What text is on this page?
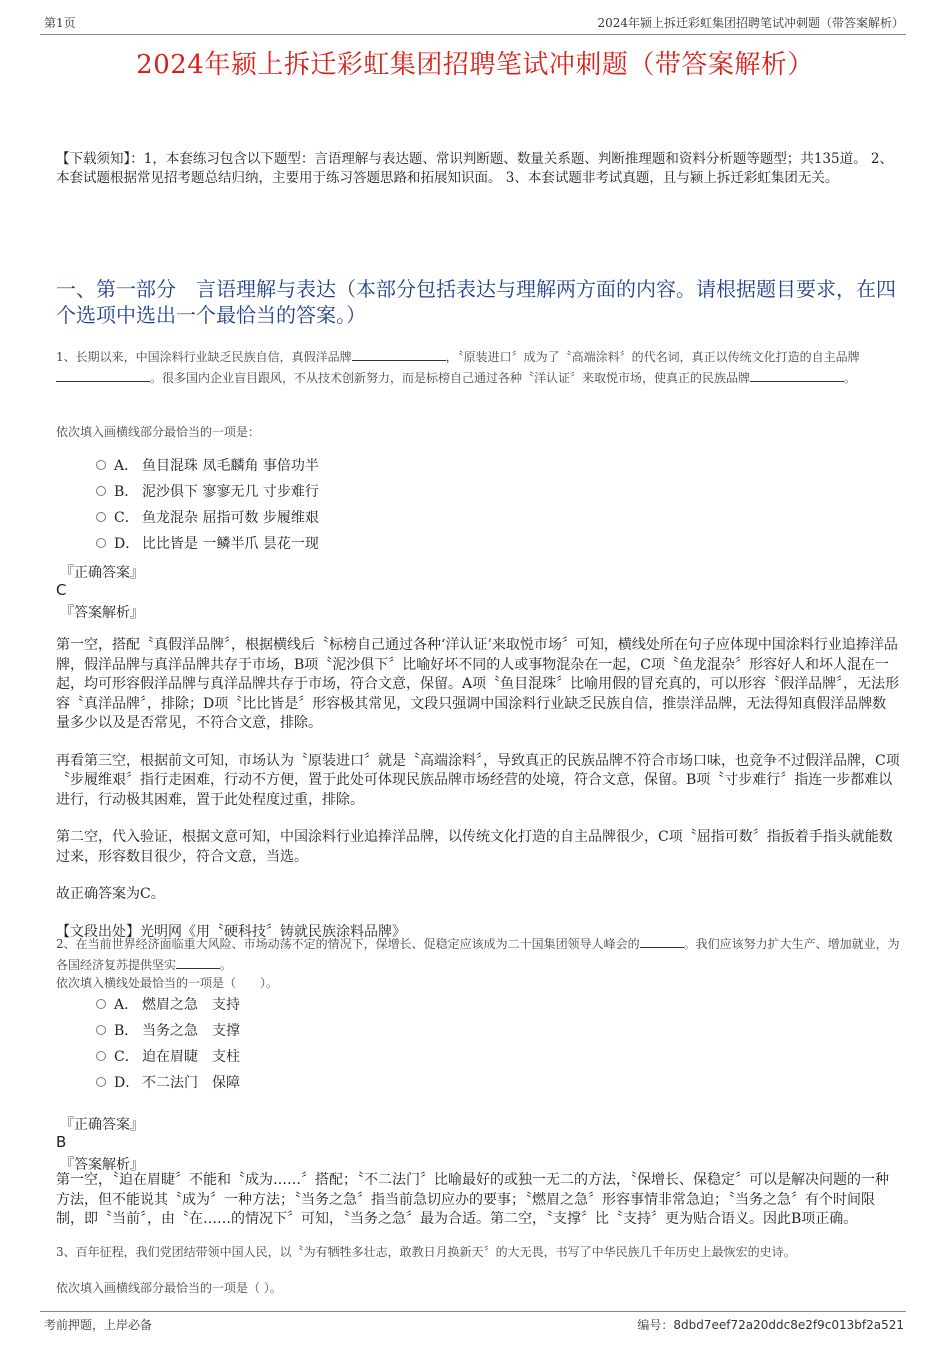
第1页	2024年颍上拆迁彩虹集团招聘笔试冲刺题（带答案解析）
2024年颍上拆迁彩虹集团招聘笔试冲刺题（带答案解析）
【下载须知】：1，本套练习包含以下题型：言语理解与表达题、常识判断题、数量关系题、判断推理题和资料分析题等题型；共135道。 2、本套试题根据常见招考题总结归纳，主要用于练习答题思路和拓展知识面。 3、本套试题非考试真题，且与颍上拆迁彩虹集团无关。
一、第一部分　言语理解与表达（本部分包括表达与理解两方面的内容。请根据题目要求，在四个选项中选出一个最恰当的答案。）
1、长期以来，中国涂料行业缺乏民族自信，真假洋品牌	，〝原装进口〞成为了〝高端涂料〞的代名词，真正以传统文化打造的自主品牌。很多国内企业盲目跟风，不从技术创新努力，而是标榜自己通过各种〝洋认证〞来取悦市场，使真正的民族品牌	。
依次填入画横线部分最恰当的一项是：
A． 鱼目混珠 凤毛麟角 事倍功半
B． 泥沙俱下 寥寥无几 寸步难行
C． 鱼龙混杂 屈指可数 步履维艰
D． 比比皆是 一鳞半爪 昙花一现
『正确答案』
C
『答案解析』

第一空，搭配〝真假洋品牌〞，根据横线后〝标榜自己通过各种‘洋认证’来取悦市场〞可知，横线处所在句子应体现中国涂料行业追捧洋品牌，假洋品牌与真洋品牌共存于市场，B项〝泥沙俱下〞比喻好坏不同的人或事物混杂在一起，C项〝鱼龙混杂〞形容好人和坏人混在一起，均可形容假洋品牌与真洋品牌共存于市场，符合文意，保留。A项〝鱼目混珠〞比喻用假的冒充真的，可以形容〝假洋品牌〞，无法形容〝真洋品牌〞，排除；D项〝比比皆是〞形容极其常见，文段只强调中国涂料行业缺乏民族自信，推崇洋品牌，无法得知真假洋品牌数量多少以及是否常见，不符合文意，排除。

再看第三空，根据前文可知，市场认为〝原装进口〞就是〝高端涂料〞，导致真正的民族品牌不符合市场口味，也竞争不过假洋品牌，C项〝步履维艰〞指行走困难，行动不方便，置于此处可体现民族品牌市场经营的处境，符合文意，保留。B项〝寸步难行〞指连一步都难以进行，行动极其困难，置于此处程度过重，排除。

第二空，代入验证，根据文意可知，中国涂料行业追捧洋品牌，以传统文化打造的自主品牌很少，C项〝屈指可数〞指扳着手指头就能数过来，形容数目很少，符合文意，当选。

故正确答案为C。

【文段出处】光明网《用〝硬科技〞铸就民族涂料品牌》

2、在当前世界经济面临重大风险、市场动荡不定的情况下，保增长、促稳定应该成为二十国集团领导人峰会的	。我们应该努力扩大生产、增加就业，为各国经济复苏提供坚实	。
依次填入横线处最恰当的一项是（　　）。
A． 燃眉之急　支持
B． 当务之急　支撑
C． 迫在眉睫　支柱
D． 不二法门　保障
『正确答案』
B
『答案解析』
第一空，〝迫在眉睫〞不能和〝成为……〞搭配；〝不二法门〞比喻最好的或独一无二的方法，〝保增长、保稳定〞可以是解决问题的一种方法，但不能说其〝成为〞一种方法；〝当务之急〞指当前急切应办的要事；〝燃眉之急〞形容事情非常急迫；〝当务之急〞有个时间限制，即〝当前〞，由〝在……的情况下〞可知，〝当务之急〞最为合适。第二空，〝支撑〞比〝支持〞更为贴合语义。因此B项正确。
3、百年征程，我们党团结带领中国人民，以〝为有牺牲多壮志，敢教日月换新天〞的大无畏，书写了中华民族几千年历史上最恢宏的史诗。
依次填入画横线部分最恰当的一项是（ ）。
考前押题，上岸必备	编号：8dbd7eef72a20ddc8e2f9c013bf2a521
